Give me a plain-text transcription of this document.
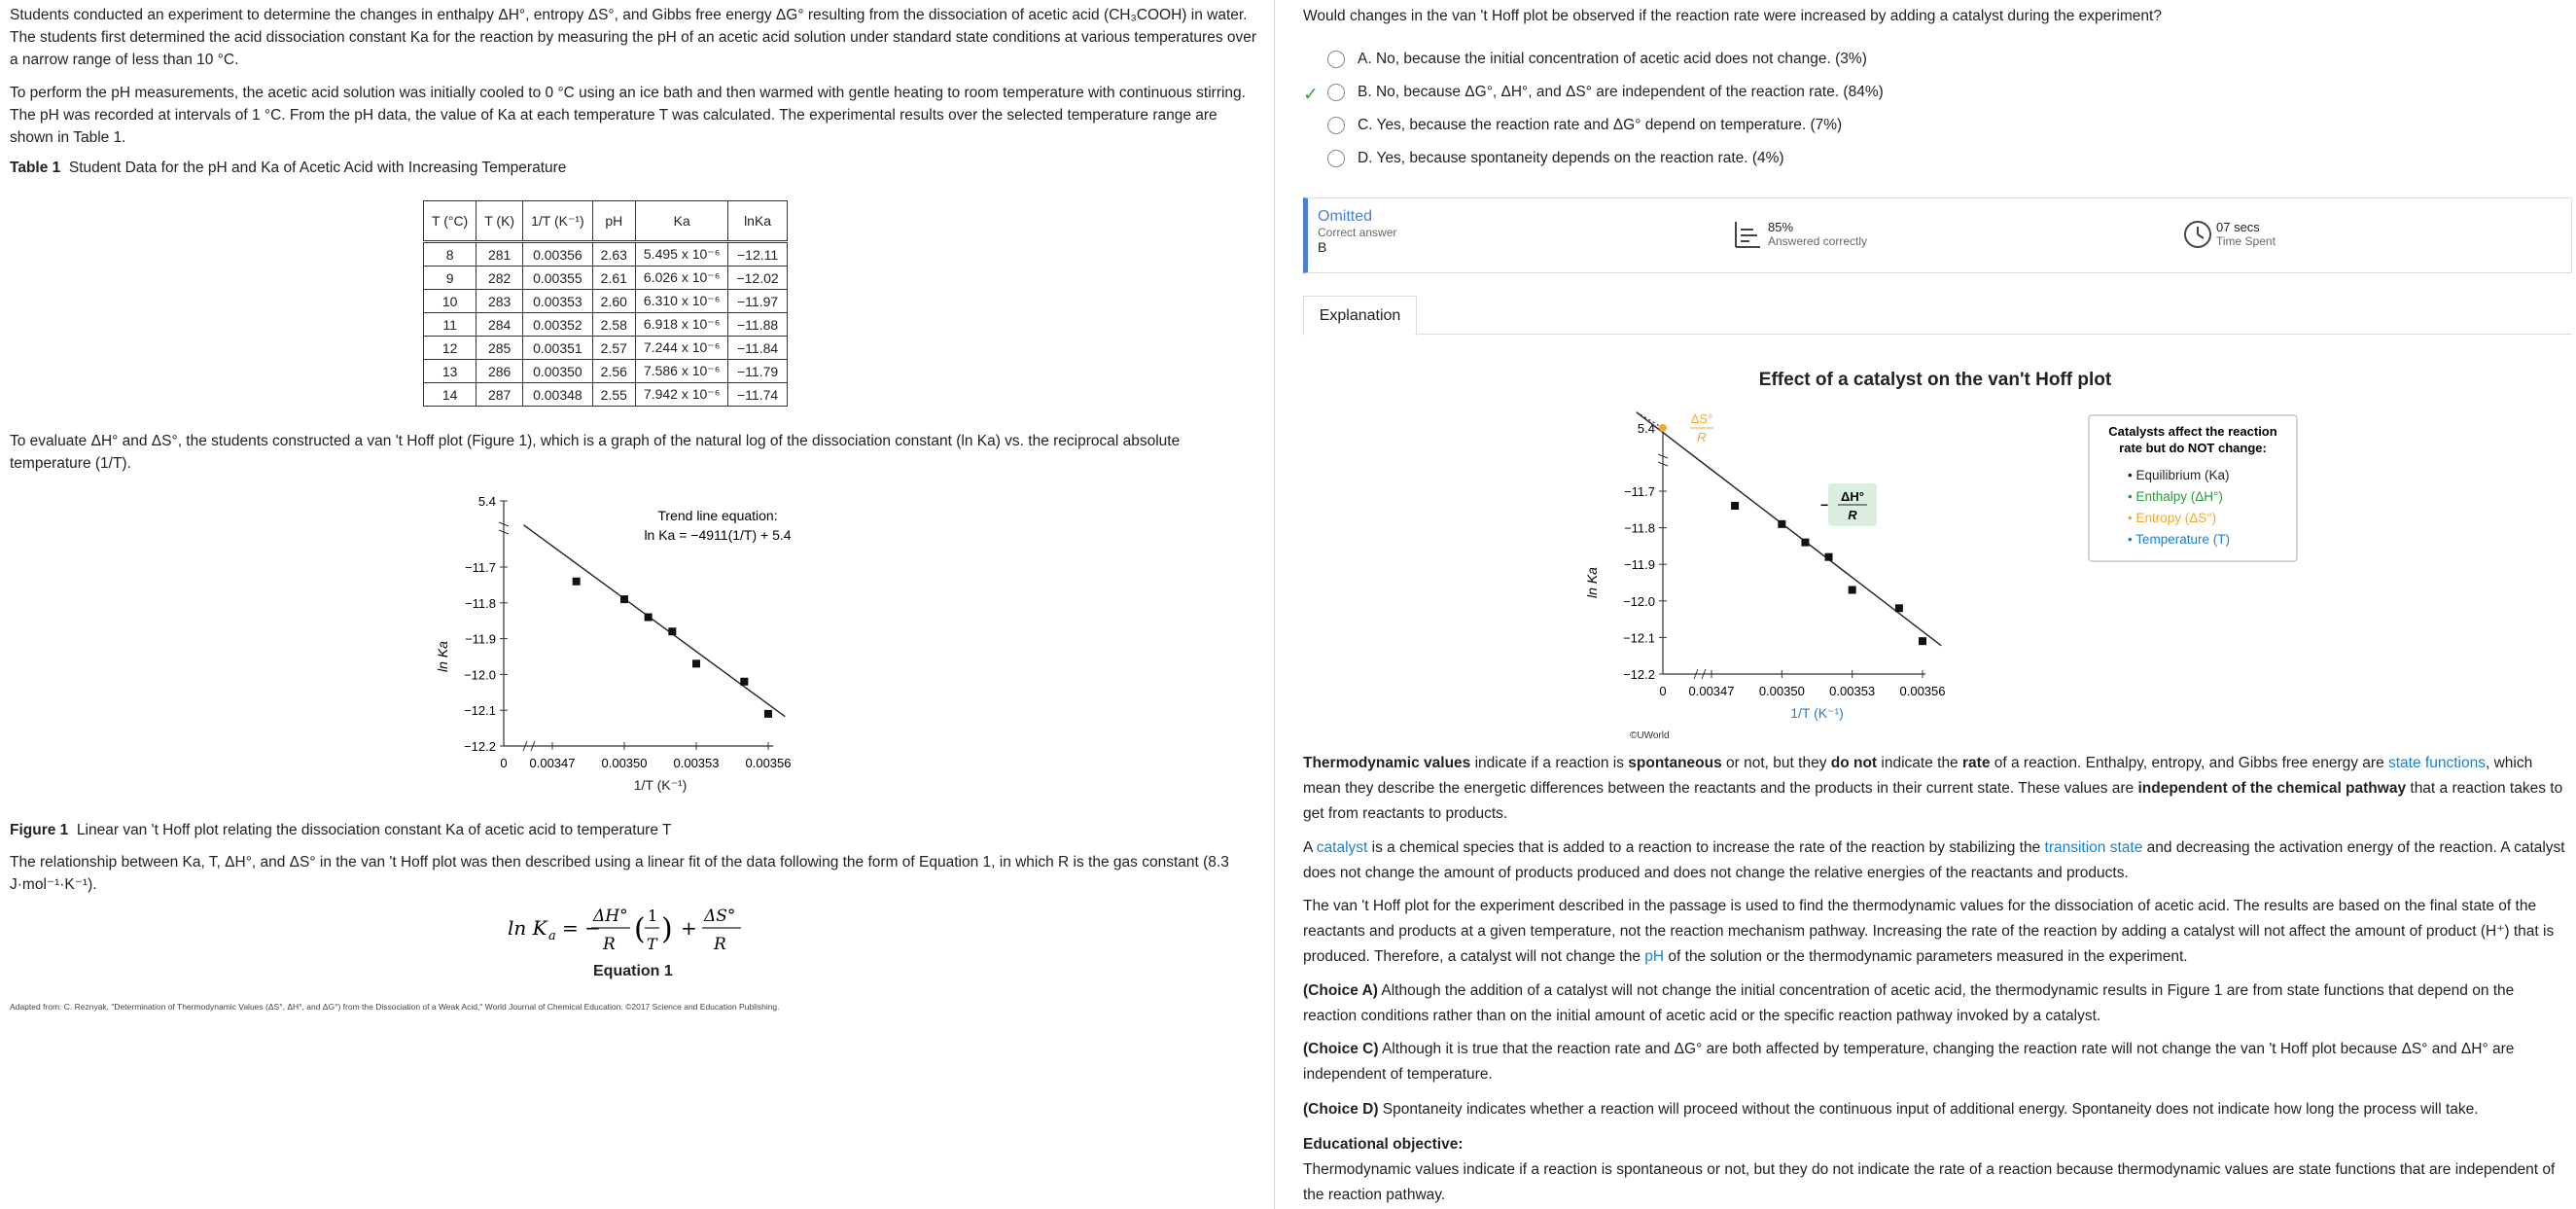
Students conducted an experiment to determine the changes in enthalpy ΔH°, entropy ΔS°, and Gibbs free energy ΔG° resulting from the dissociation of acetic acid (CH₃COOH) in water. The students first determined the acid dissociation constant Ka for the reaction by measuring the pH of an acetic acid solution under standard state conditions at various temperatures over a narrow range of less than 10 °C.

To perform the pH measurements, the acetic acid solution was initially cooled to 0 °C using an ice bath and then warmed with gentle heating to room temperature with continuous stirring. The pH was recorded at intervals of 1 °C. From the pH data, the value of Ka at each temperature T was calculated. The experimental results over the selected temperature range are shown in Table 1.

Table 1 Student Data for the pH and Ka of Acetic Acid with Increasing Temperature

T (°C)	T (K)	1/T (K⁻¹)	pH	Ka	lnKa
8	281	0.00356	2.63	5.495 x 10⁻⁶	−12.11
9	282	0.00355	2.61	6.026 x 10⁻⁶	−12.02
10	283	0.00353	2.60	6.310 x 10⁻⁶	−11.97
11	284	0.00352	2.58	6.918 x 10⁻⁶	−11.88
12	285	0.00351	2.57	7.244 x 10⁻⁶	−11.84
13	286	0.00350	2.56	7.586 x 10⁻⁶	−11.79
14	287	0.00348	2.55	7.942 x 10⁻⁶	−11.74

To evaluate ΔH° and ΔS°, the students constructed a van 't Hoff plot (Figure 1), which is a graph of the natural log of the dissociation constant (ln Ka) vs. the reciprocal absolute temperature (1/T).

5.4
−11.7
−11.8
−11.9
−12.0
−12.1
−12.2
0 0.00347 0.00350 0.00353 0.00356
1/T (K⁻¹)
ln Ka
Trend line equation:
ln Ka = −4911(1/T) + 5.4

Figure 1 Linear van 't Hoff plot relating the dissociation constant Ka of acetic acid to temperature T

The relationship between Ka, T, ΔH°, and ΔS° in the van 't Hoff plot was then described using a linear fit of the data following the form of Equation 1, in which R is the gas constant (8.3 J·mol⁻¹·K⁻¹).

ln K a = −
ΔH°
R ( 1
T ) + ΔS°
R
Equation 1
Adapted from: C. Reznyak, "Determination of Thermodynamic Values (ΔS°, ΔH°, and ΔG°) from the Dissociation of a Weak Acid," World Journal of Chemical Education. ©2017 Science and Education Publishing.
Would changes in the van 't Hoff plot be observed if the reaction rate were increased by adding a catalyst during the experiment?
A. No, because the initial concentration of acetic acid does not change. (3%)
✓	B. No, because ΔG°, ΔH°, and ΔS° are independent of the reaction rate. (84%)
C. Yes, because the reaction rate and ΔG° depend on temperature. (7%)
D. Yes, because spontaneity depends on the reaction rate. (4%)
Omitted
Correct answer
B
85%
Answered correctly
07 secs
Time Spent
Explanation
Effect of a catalyst on the van't Hoff plot
5.4
−11.7
−11.8
−11.9
−12.0
−12.1
−12.2
0 0.00347 0.00350 0.00353 0.00356
1/T (K⁻¹)
ln Ka
ΔS°
R
−
ΔH°
R
©UWorld
Catalysts affect the reaction
rate but do NOT change:
• Equilibrium (Ka)
• Enthalpy (ΔH°)
• Entropy (ΔS°)
• Temperature (T)
Thermodynamic values indicate if a reaction is spontaneous or not, but they do not indicate the rate of a reaction. Enthalpy, entropy, and Gibbs free energy are state functions, which mean they describe the energetic differences between the reactants and the products in their current state. These values are independent of the chemical pathway that a reaction takes to get from reactants to products.
A catalyst is a chemical species that is added to a reaction to increase the rate of the reaction by stabilizing the transition state and decreasing the activation energy of the reaction. A catalyst does not change the amount of products produced and does not change the relative energies of the reactants and products.
The van 't Hoff plot for the experiment described in the passage is used to find the thermodynamic values for the dissociation of acetic acid. The results are based on the final state of the reactants and products at a given temperature, not the reaction mechanism pathway. Increasing the rate of the reaction by adding a catalyst will not affect the amount of product (H⁺) that is produced. Therefore, a catalyst will not change the pH of the solution or the thermodynamic parameters measured in the experiment.
(Choice A) Although the addition of a catalyst will not change the initial concentration of acetic acid, the thermodynamic results in Figure 1 are from state functions that depend on the reaction conditions rather than on the initial amount of acetic acid or the specific reaction pathway invoked by a catalyst.
(Choice C) Although it is true that the reaction rate and ΔG° are both affected by temperature, changing the reaction rate will not change the van 't Hoff plot because ΔS° and ΔH° are independent of temperature.
(Choice D) Spontaneity indicates whether a reaction will proceed without the continuous input of additional energy. Spontaneity does not indicate how long the process will take.
Educational objective:
Thermodynamic values indicate if a reaction is spontaneous or not, but they do not indicate the rate of a reaction because thermodynamic values are state functions that are independent of the reaction pathway.
